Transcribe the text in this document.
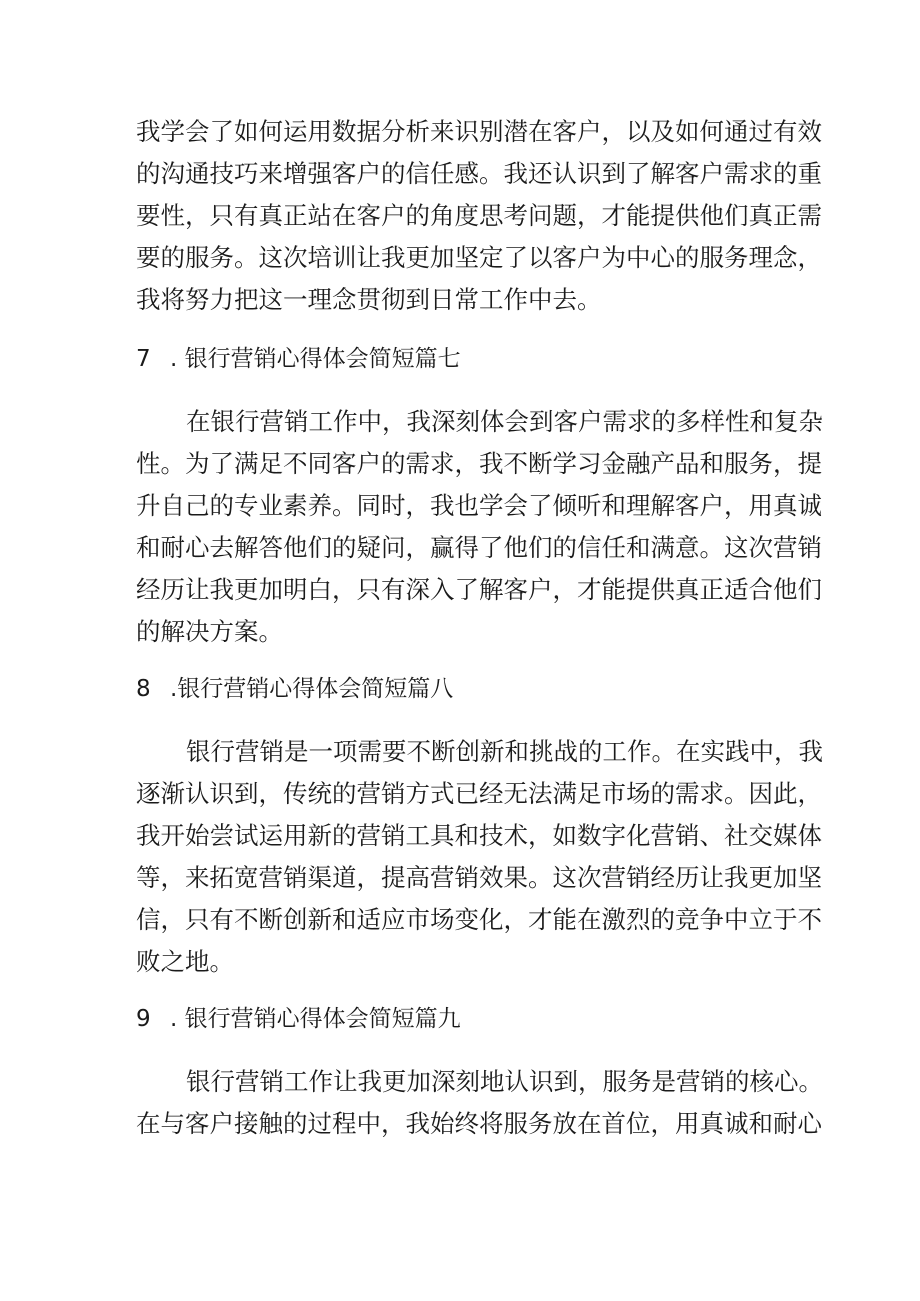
我学会了如何运用数据分析来识别潜在客户，以及如何通过有效
的沟通技巧来增强客户的信任感。我还认识到了解客户需求的重
要性，只有真正站在客户的角度思考问题，才能提供他们真正需
要的服务。这次培训让我更加坚定了以客户为中心的服务理念，
我将努力把这一理念贯彻到日常工作中去。
7 . 银行营销心得体会简短篇七
在银行营销工作中，我深刻体会到客户需求的多样性和复杂
性。为了满足不同客户的需求，我不断学习金融产品和服务，提
升自己的专业素养。同时，我也学会了倾听和理解客户，用真诚
和耐心去解答他们的疑问，赢得了他们的信任和满意。这次营销
经历让我更加明白，只有深入了解客户，才能提供真正适合他们
的解决方案。
8 .银行营销心得体会简短篇八
银行营销是一项需要不断创新和挑战的工作。在实践中，我
逐渐认识到，传统的营销方式已经无法满足市场的需求。因此，
我开始尝试运用新的营销工具和技术，如数字化营销、社交媒体
等，来拓宽营销渠道，提高营销效果。这次营销经历让我更加坚
信，只有不断创新和适应市场变化，才能在激烈的竞争中立于不
败之地。
9 . 银行营销心得体会简短篇九
银行营销工作让我更加深刻地认识到，服务是营销的核心。
在与客户接触的过程中，我始终将服务放在首位，用真诚和耐心
